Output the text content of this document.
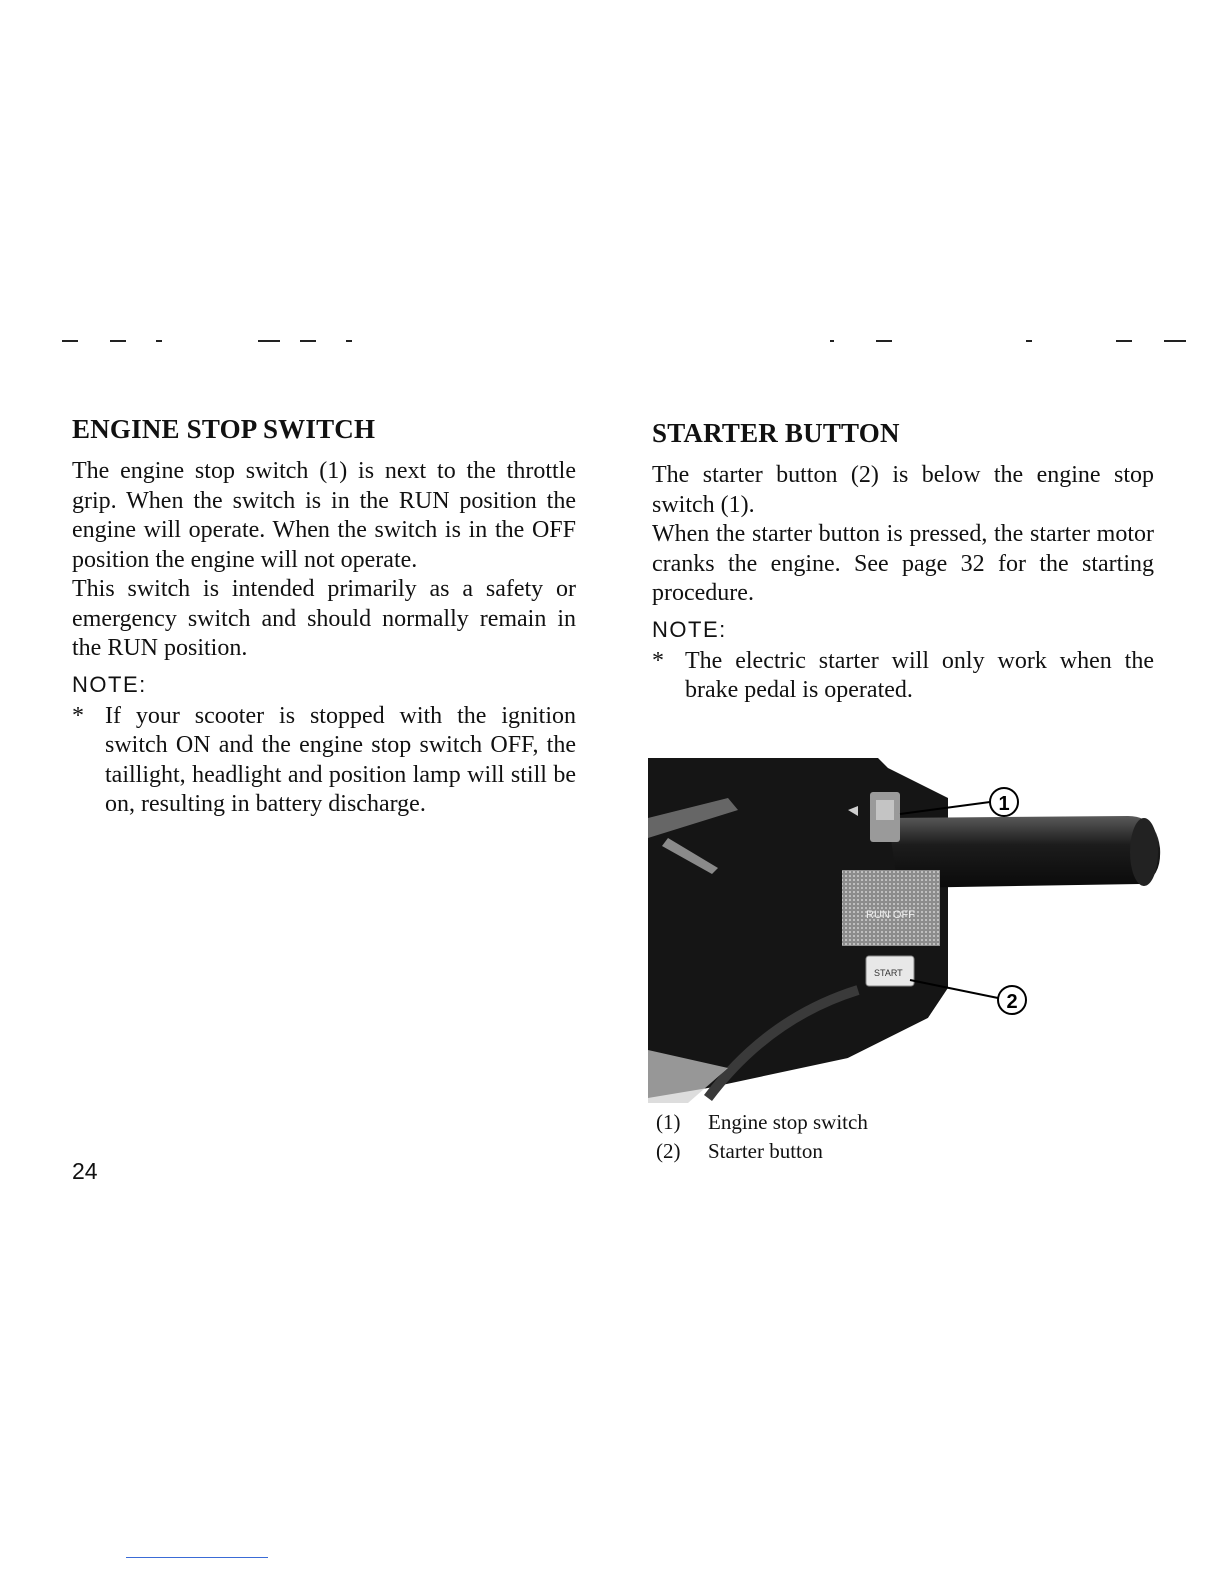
ENGINE STOP SWITCH

The engine stop switch (1) is next to the throttle grip. When the switch is in the RUN position the engine will operate. When the switch is in the OFF position the engine will not operate.

This switch is intended primarily as a safety or emergency switch and should normally remain in the RUN position.

NOTE:

* If your scooter is stopped with the ignition switch ON and the engine stop switch OFF, the taillight, headlight and position lamp will still be on, resulting in battery discharge.
STARTER BUTTON

The starter button (2) is below the engine stop switch (1).

When the starter button is pressed, the starter motor cranks the engine. See page 32 for the starting procedure.

NOTE:

* The electric starter will only work when the brake pedal is operated.
RUN OFF
START
1
2
(1) Engine stop switch
(2) Starter button
24
